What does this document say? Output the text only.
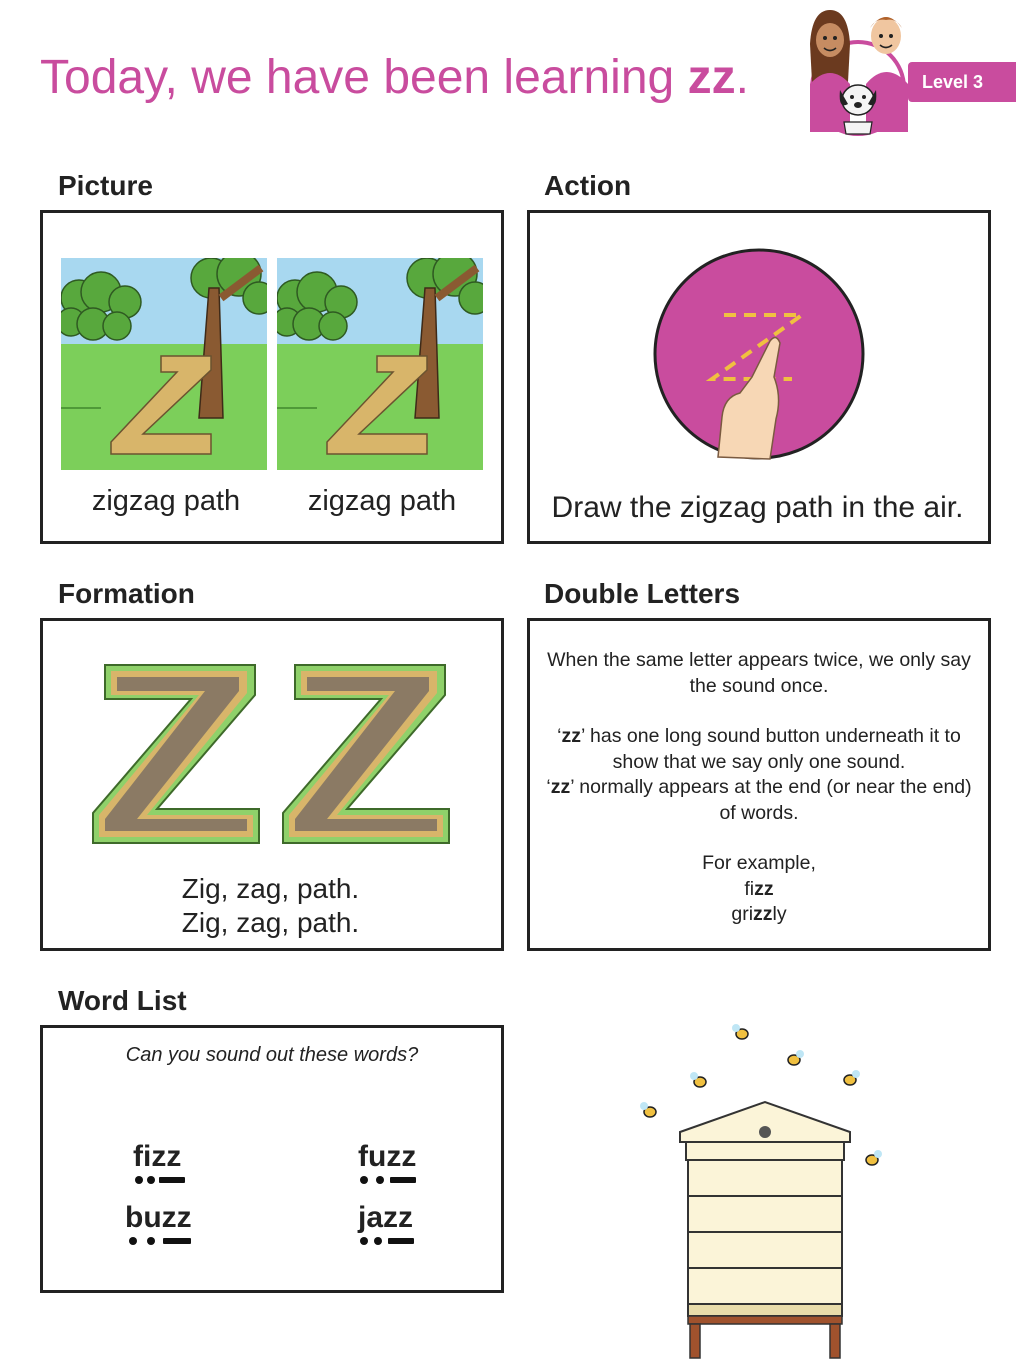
Today, we have been learning zz.	Level 3
Picture
zigzag path	zigzag path
Action
Draw the zigzag path in the air.
Formation
Zig, zag, path.
Zig, zag, path.
Double Letters
When the same letter appears twice, we only say the sound once.
‘zz’ has one long sound button underneath it to show that we say only one sound.
‘zz’ normally appears at the end (or near the end) of words.
For example,
fizz
grizzly
Word List
Can you sound out these words?
fizz	fuzz
buzz	jazz
